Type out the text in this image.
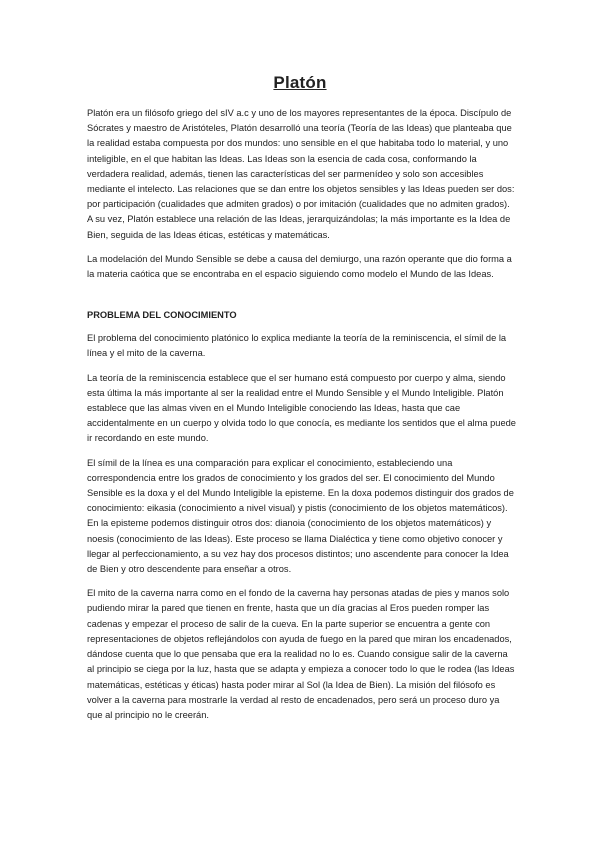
Platón

Platón era un filósofo griego del sIV a.c y uno de los mayores representantes de la época. Discípulo de Sócrates y maestro de Aristóteles, Platón desarrolló una teoría (Teoría de las Ideas) que planteaba que la realidad estaba compuesta por dos mundos: uno sensible en el que habitaba todo lo material, y uno inteligible, en el que habitan las Ideas. Las Ideas son la esencia de cada cosa, conformando la verdadera realidad, además, tienen las características del ser parmenídeo y solo son accesibles mediante el intelecto. Las relaciones que se dan entre los objetos sensibles y las Ideas pueden ser dos: por participación (cualidades que admiten grados) o por imitación (cualidades que no admiten grados). A su vez, Platón establece una relación de las Ideas, jerarquizándolas; la más importante es la Idea de Bien, seguida de las Ideas éticas, estéticas y matemáticas.

La modelación del Mundo Sensible se debe a causa del demiurgo, una razón operante que dio forma a la materia caótica que se encontraba en el espacio siguiendo como modelo el Mundo de las Ideas.

PROBLEMA DEL CONOCIMIENTO

El problema del conocimiento platónico lo explica mediante la teoría de la reminiscencia, el símil de la línea y el mito de la caverna.

La teoría de la reminiscencia establece que el ser humano está compuesto por cuerpo y alma, siendo esta última la más importante al ser la realidad entre el Mundo Sensible y el Mundo Inteligible. Platón establece que las almas viven en el Mundo Inteligible conociendo las Ideas, hasta que cae accidentalmente en un cuerpo y olvida todo lo que conocía, es mediante los sentidos que el alma puede ir recordando en este mundo.

El símil de la línea es una comparación para explicar el conocimiento, estableciendo una correspondencia entre los grados de conocimiento y los grados del ser. El conocimiento del Mundo Sensible es la doxa y el del Mundo Inteligible la episteme. En la doxa podemos distinguir dos grados de conocimiento: eikasia (conocimiento a nivel visual) y pistis (conocimiento de los objetos matemáticos). En la episteme podemos distinguir otros dos: dianoia (conocimiento de los objetos matemáticos) y noesis (conocimiento de las Ideas). Este proceso se llama Dialéctica y tiene como objetivo conocer y llegar al perfeccionamiento, a su vez hay dos procesos distintos; uno ascendente para conocer la Idea de Bien y otro descendente para enseñar a otros.

El mito de la caverna narra como en el fondo de la caverna hay personas atadas de pies y manos solo pudiendo mirar la pared que tienen en frente, hasta que un día gracias al Eros pueden romper las cadenas y empezar el proceso de salir de la cueva. En la parte superior se encuentra a gente con representaciones de objetos reflejándolos con ayuda de fuego en la pared que miran los encadenados, dándose cuenta que lo que pensaba que era la realidad no lo es. Cuando consigue salir de la caverna al principio se ciega por la luz, hasta que se adapta y empieza a conocer todo lo que le rodea (las Ideas matemáticas, estéticas y éticas) hasta poder mirar al Sol (la Idea de Bien). La misión del filósofo es volver a la caverna para mostrarle la verdad al resto de encadenados, pero será un proceso duro ya que al principio no le creerán.
